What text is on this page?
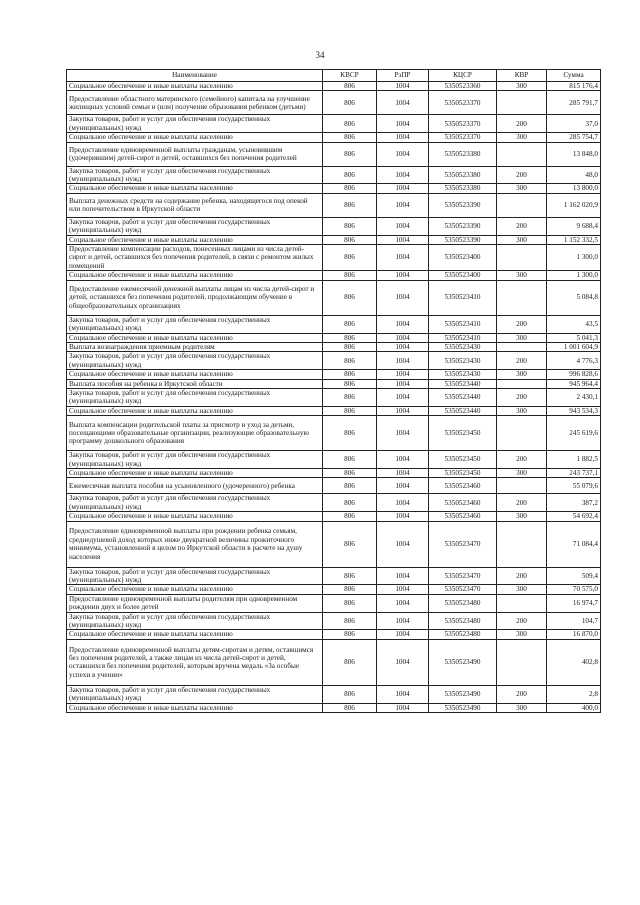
34
Наименование	КВСР	РзПР	КЦСР	КВР	Сумма
Социальное обеспечение и иные выплаты населению	806	1004	5350523360	300	815 176,4
Предоставление областного материнского (семейного) капитала на улучшение жилищных условий семьи и (или) получение образования ребенком (детьми)	806	1004	5350523370		285 791,7
Закупка товаров, работ и услуг для обеспечения государственных (муниципальных) нужд	806	1004	5350523370	200	37,0
Социальное обеспечение и иные выплаты населению	806	1004	5350523370	300	285 754,7
Предоставление единовременной выплаты гражданам, усыновившим (удочерившим) детей-сирот и детей, оставшихся без попечения родителей	806	1004	5350523380		13 848,0
Закупка товаров, работ и услуг для обеспечения государственных (муниципальных) нужд	806	1004	5350523380	200	48,0
Социальное обеспечение и иные выплаты населению	806	1004	5350523380	300	13 800,0
Выплата денежных средств на содержание ребенка, находящегося под опекой или попечительством в Иркутской области	806	1004	5350523390		1 162 020,9
Закупка товаров, работ и услуг для обеспечения государственных (муниципальных) нужд	806	1004	5350523390	200	9 688,4
Социальное обеспечение и иные выплаты населению	806	1004	5350523390	300	1 152 332,5
Предоставление компенсации расходов, понесенных лицами из числа детей-сирот и детей, оставшихся без попечения родителей, в связи с ремонтом жилых помещений	806	1004	5350523400		1 300,0
Социальное обеспечение и иные выплаты населению	806	1004	5350523400	300	1 300,0
Предоставление ежемесячной денежной выплаты лицам из числа детей-сирот и детей, оставшихся без попечения родителей, продолжающим обучение в общеобразовательных организациях	806	1004	5350523410		5 084,8
Закупка товаров, работ и услуг для обеспечения государственных (муниципальных) нужд	806	1004	5350523410	200	43,5
Социальное обеспечение и иные выплаты населению	806	1004	5350523410	300	5 041,3
Выплата вознаграждения приемным родителям	806	1004	5350523430		1 001 604,9
Закупка товаров, работ и услуг для обеспечения государственных (муниципальных) нужд	806	1004	5350523430	200	4 776,3
Социальное обеспечение и иные выплаты населению	806	1004	5350523430	300	996 828,6
Выплата пособия на ребенка в Иркутской области	806	1004	5350523440		945 964,4
Закупка товаров, работ и услуг для обеспечения государственных (муниципальных) нужд	806	1004	5350523440	200	2 430,1
Социальное обеспечение и иные выплаты населению	806	1004	5350523440	300	943 534,3
Выплата компенсации родительской платы за присмотр и уход за детьми, посещающими образовательные организации, реализующие образовательную программу дошкольного образования	806	1004	5350523450		245 619,6
Закупка товаров, работ и услуг для обеспечения государственных (муниципальных) нужд	806	1004	5350523450	200	1 882,5
Социальное обеспечение и иные выплаты населению	806	1004	5350523450	300	243 737,1
Ежемесячная выплата пособия на усыновленного (удочеренного) ребенка	806	1004	5350523460		55 079,6
Закупка товаров, работ и услуг для обеспечения государственных (муниципальных) нужд	806	1004	5350523460	200	387,2
Социальное обеспечение и иные выплаты населению	806	1004	5350523460	300	54 692,4
Предоставление единовременной выплаты при рождении ребенка семьям, среднедушевой доход которых ниже двукратной величины прожиточного минимума, установленной в целом по Иркутской области в расчете на душу населения	806	1004	5350523470		71 084,4
Закупка товаров, работ и услуг для обеспечения государственных (муниципальных) нужд	806	1004	5350523470	200	509,4
Социальное обеспечение и иные выплаты населению	806	1004	5350523470	300	70 575,0
Предоставление единовременной выплаты родителям при одновременном рождении двух и более детей	806	1004	5350523480		16 974,7
Закупка товаров, работ и услуг для обеспечения государственных (муниципальных) нужд	806	1004	5350523480	200	104,7
Социальное обеспечение и иные выплаты населению	806	1004	5350523480	300	16 870,0
Предоставление единовременной выплаты детям-сиротам и детям, оставшимся без попечения родителей, а также лицам из числа детей-сирот и детей, оставшихся без попечения родителей, которым вручена медаль «За особые успехи в учении»	806	1004	5350523490		402,8
Закупка товаров, работ и услуг для обеспечения государственных (муниципальных) нужд	806	1004	5350523490	200	2,8
Социальное обеспечение и иные выплаты населению	806	1004	5350523490	300	400,0
